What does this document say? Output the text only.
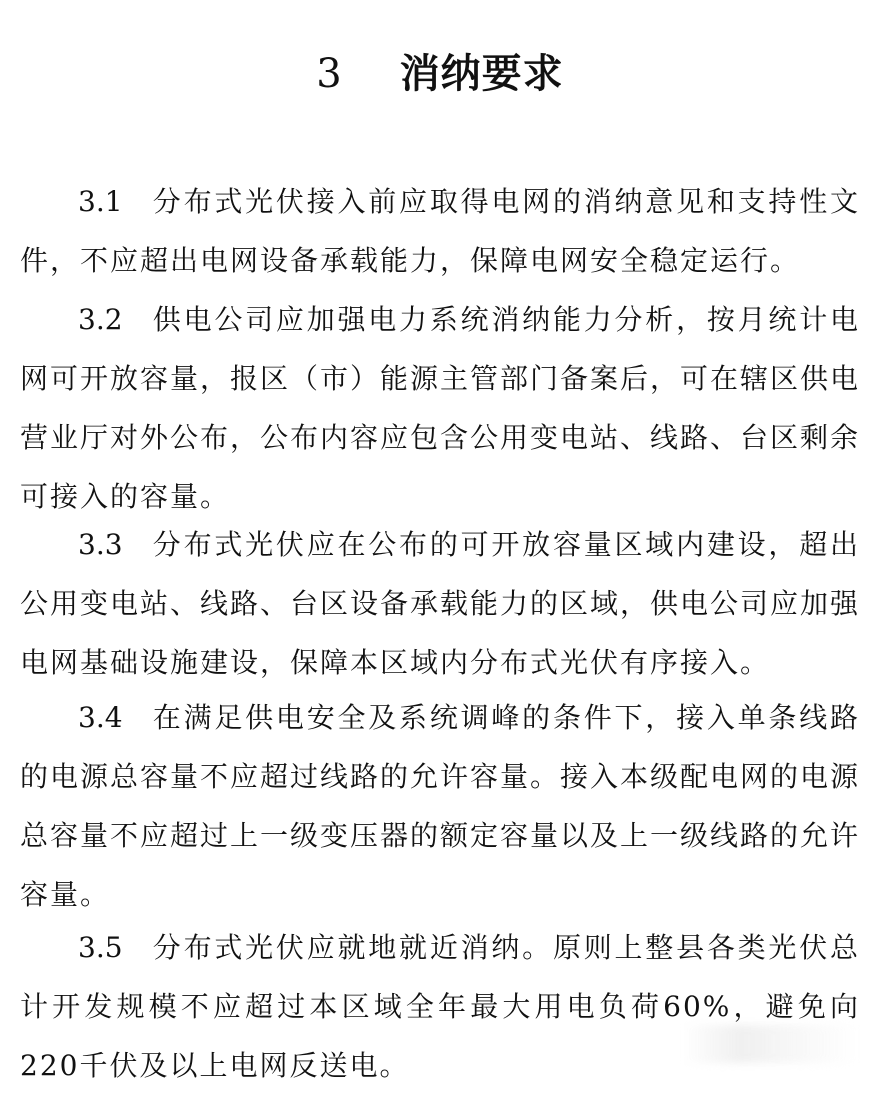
3 消纳要求
3.1 分布式光伏接入前应取得电网的消纳意见和支持性文件，不应超出电网设备承载能力，保障电网安全稳定运行。
3.2 供电公司应加强电力系统消纳能力分析，按月统计电网可开放容量，报区（市）能源主管部门备案后，可在辖区供电营业厅对外公布，公布内容应包含公用变电站、线路、台区剩余可接入的容量。
3.3 分布式光伏应在公布的可开放容量区域内建设，超出公用变电站、线路、台区设备承载能力的区域，供电公司应加强电网基础设施建设，保障本区域内分布式光伏有序接入。
3.4 在满足供电安全及系统调峰的条件下，接入单条线路的电源总容量不应超过线路的允许容量。接入本级配电网的电源总容量不应超过上一级变压器的额定容量以及上一级线路的允许容量。
3.5 分布式光伏应就地就近消纳。原则上整县各类光伏总计开发规模不应超过本区域全年最大用电负荷60%，避免向220千伏及以上电网反送电。
